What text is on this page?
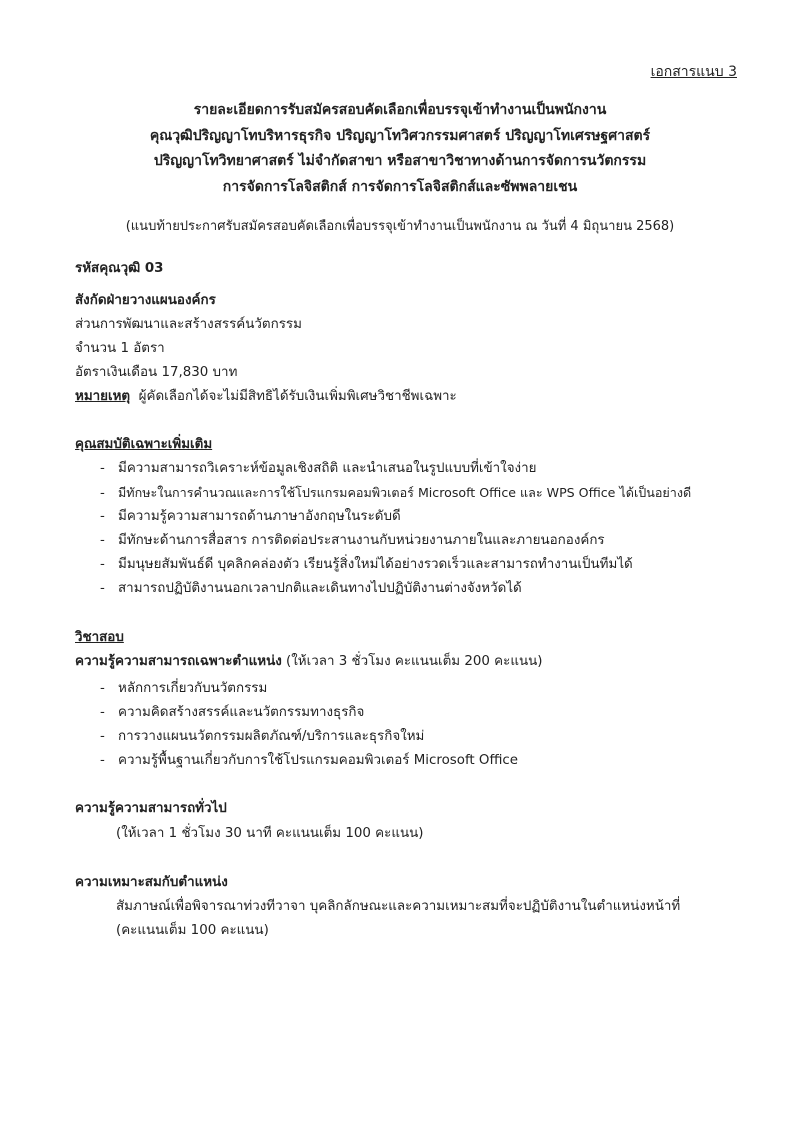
เอกสารแนบ 3
รายละเอียดการรับสมัครสอบคัดเลือกเพื่อบรรจุเข้าทำงานเป็นพนักงาน
คุณวุฒิปริญญาโทบริหารธุรกิจ ปริญญาโทวิศวกรรมศาสตร์ ปริญญาโทเศรษฐศาสตร์
ปริญญาโทวิทยาศาสตร์ ไม่จำกัดสาขา หรือสาขาวิชาทางด้านการจัดการนวัตกรรม
การจัดการโลจิสติกส์ การจัดการโลจิสติกส์และซัพพลายเชน
(แนบท้ายประกาศรับสมัครสอบคัดเลือกเพื่อบรรจุเข้าทำงานเป็นพนักงาน ณ วันที่ 4 มิถุนายน 2568)
รหัสคุณวุฒิ 03
สังกัดฝ่ายวางแผนองค์กร
ส่วนการพัฒนาและสร้างสรรค์นวัตกรรม
จำนวน 1 อัตรา
อัตราเงินเดือน 17,830 บาท
หมายเหตุ ผู้คัดเลือกได้จะไม่มีสิทธิได้รับเงินเพิ่มพิเศษวิชาชีพเฉพาะ
คุณสมบัติเฉพาะเพิ่มเติม
- มีความสามารถวิเคราะห์ข้อมูลเชิงสถิติ และนำเสนอในรูปแบบที่เข้าใจง่าย
- มีทักษะในการคำนวณและการใช้โปรแกรมคอมพิวเตอร์ Microsoft Office และ WPS Office ได้เป็นอย่างดี
- มีความรู้ความสามารถด้านภาษาอังกฤษในระดับดี
- มีทักษะด้านการสื่อสาร การติดต่อประสานงานกับหน่วยงานภายในและภายนอกองค์กร
- มีมนุษยสัมพันธ์ดี บุคลิกคล่องตัว เรียนรู้สิ่งใหม่ได้อย่างรวดเร็วและสามารถทำงานเป็นทีมได้
- สามารถปฏิบัติงานนอกเวลาปกติและเดินทางไปปฏิบัติงานต่างจังหวัดได้
วิชาสอบ
ความรู้ความสามารถเฉพาะตำแหน่ง (ให้เวลา 3 ชั่วโมง คะแนนเต็ม 200 คะแนน)
- หลักการเกี่ยวกับนวัตกรรม
- ความคิดสร้างสรรค์และนวัตกรรมทางธุรกิจ
- การวางแผนนวัตกรรมผลิตภัณฑ์/บริการและธุรกิจใหม่
- ความรู้พื้นฐานเกี่ยวกับการใช้โปรแกรมคอมพิวเตอร์ Microsoft Office
ความรู้ความสามารถทั่วไป
(ให้เวลา 1 ชั่วโมง 30 นาที คะแนนเต็ม 100 คะแนน)
ความเหมาะสมกับตำแหน่ง
สัมภาษณ์เพื่อพิจารณาท่วงทีวาจา บุคลิกลักษณะและความเหมาะสมที่จะปฏิบัติงานในตำแหน่งหน้าที่
(คะแนนเต็ม 100 คะแนน)
